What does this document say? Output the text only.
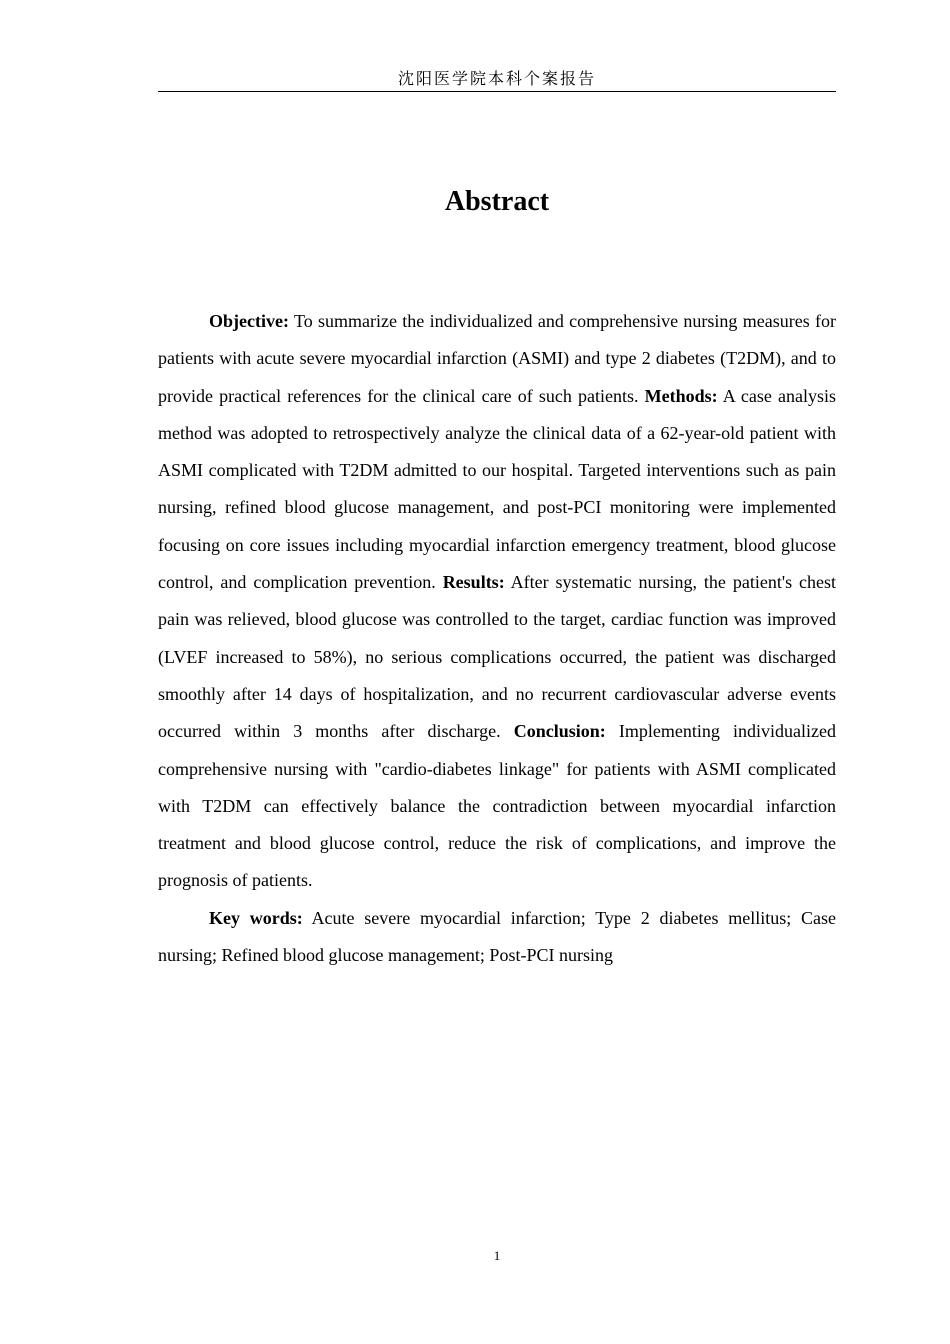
沈阳医学院本科个案报告
Abstract

Objective: To summarize the individualized and comprehensive nursing measures for patients with acute severe myocardial infarction (ASMI) and type 2 diabetes (T2DM), and to provide practical references for the clinical care of such patients. Methods: A case analysis method was adopted to retrospectively analyze the clinical data of a 62-year-old patient with ASMI complicated with T2DM admitted to our hospital. Targeted interventions such as pain nursing, refined blood glucose management, and post-PCI monitoring were implemented focusing on core issues including myocardial infarction emergency treatment, blood glucose control, and complication prevention. Results: After systematic nursing, the patient's chest pain was relieved, blood glucose was controlled to the target, cardiac function was improved (LVEF increased to 58%), no serious complications occurred, the patient was discharged smoothly after 14 days of hospitalization, and no recurrent cardiovascular adverse events occurred within 3 months after discharge. Conclusion: Implementing individualized comprehensive nursing with "cardio-diabetes linkage" for patients with ASMI complicated with T2DM can effectively balance the contradiction between myocardial infarction treatment and blood glucose control, reduce the risk of complications, and improve the prognosis of patients.

Key words: Acute severe myocardial infarction; Type 2 diabetes mellitus; Case nursing; Refined blood glucose management; Post-PCI nursing

1
